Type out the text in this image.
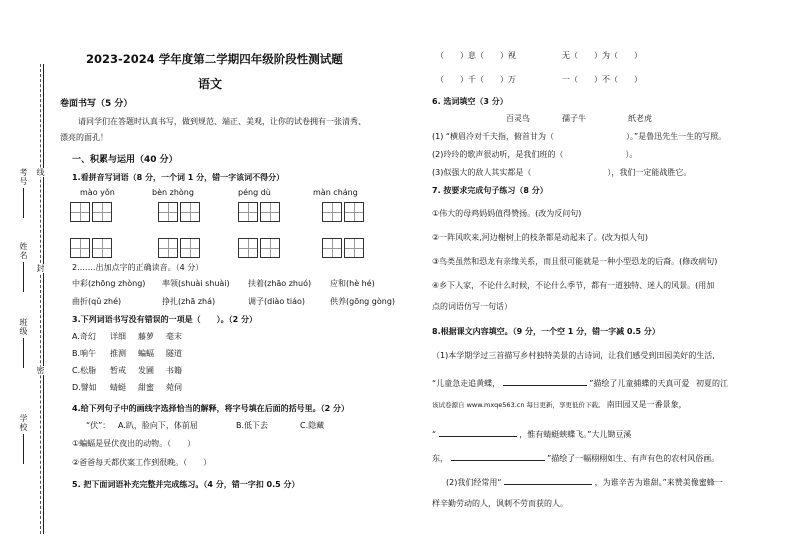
考号
线
姓名
封
班级
密
学校
2023-2024 学年度第二学期四年级阶段性测试题
语文
卷面书写（5 分）
请同学们在答题时认真书写，做到规范、端正、美观，让你的试卷拥有一张清秀、
漂亮的面孔！
一、积累与运用（40 分）
1.看拼音写词语（8 分，一个词 1 分，错一字该词不得分）
mào yǒn	bèn zhòng	péng dù	màn cháng
2.……出加点字的正确读音。（4 分）
中彩(zhōng zhòng) 率领(shuài shuài) 扶着(zhāo zhuó) 应和(hè hé)
曲折(qǔ zhé)	挣扎(zhā zhá)	调子(diào tiáo)	供养(gōng gòng)
3.下列词语书写没有错误的一项是（　　）。（2 分）
A.奇幻 详细 藤萝 毫末
B.响午 推测 蝙蝠 隧道
C.松脂 暂戒 发圃 书籍
D.譬如 蜻蜓 甜蜜 菀伺
4.给下列句子中的画线字选择恰当的解释，将字号填在后面的括号里。（2 分）
“伏”： A.趴，脸向下，体前屈	B.低下去	C.隐藏
①蝙蝠是昼伏夜出的动物。（　　）
②爸爸每天都伏案工作到很晚。（　　）
5. 把下面词语补充完整并完成练习。（4 分，错一字扣 0.5 分）
（　　）息（　　）视	无（　　）为（　　）
（　　）千（　　）万	一（　　）不（　　）
6. 选词填空（3 分）
百灵鸟	孺子牛	纸老虎
(1) “横眉冷对千夫指，俯首甘为（	）。”是鲁迅先生一生的写照。
(2)玲玲的歌声很动听，是我们班的（	）。
(3)似强大的敌人其实都是（	），我们一定能战胜它。
7. 按要求完成句子练习（8 分）
①伟大的母鸡妈妈值得赞扬。(改为反问句)
②一阵风吹来,河边榭树上的枝条都是动起来了。(改为拟人句)
③鸟类虽然和恐龙有亲缘关系，而且很可能就是一种小型恐龙的后裔。(修改病句)
④乡下人家，不论什么时候，不论什么季节，都有一道独特、迷人的风景。(用加
点的词语仿写一句话）
8.根据课文内容填空。（9 分，一个空 1 分，错一字减 0.5 分）
（1)本学期学过三首描写乡村独特美景的古诗词，让我们感受到田园美好的生活,
“儿童急走追黄蝶，	”描绘了儿童捕蝶的天真可爱 初夏的江
该试卷源自 www.mxqe563.cn 每日更新，享更低价下载。 南田园又是一番景象，
“	，惟有蜻蜓蛱蝶飞。”大儿锄豆溪
东，	”描绘了一幅栩栩如生、有声有色的农村风俗画。
(2)我们经常用“	，为谁辛苦为谁甜。”来赞美像蜜蜂一
样辛勤劳动的人，讽刺不劳而获的人。
